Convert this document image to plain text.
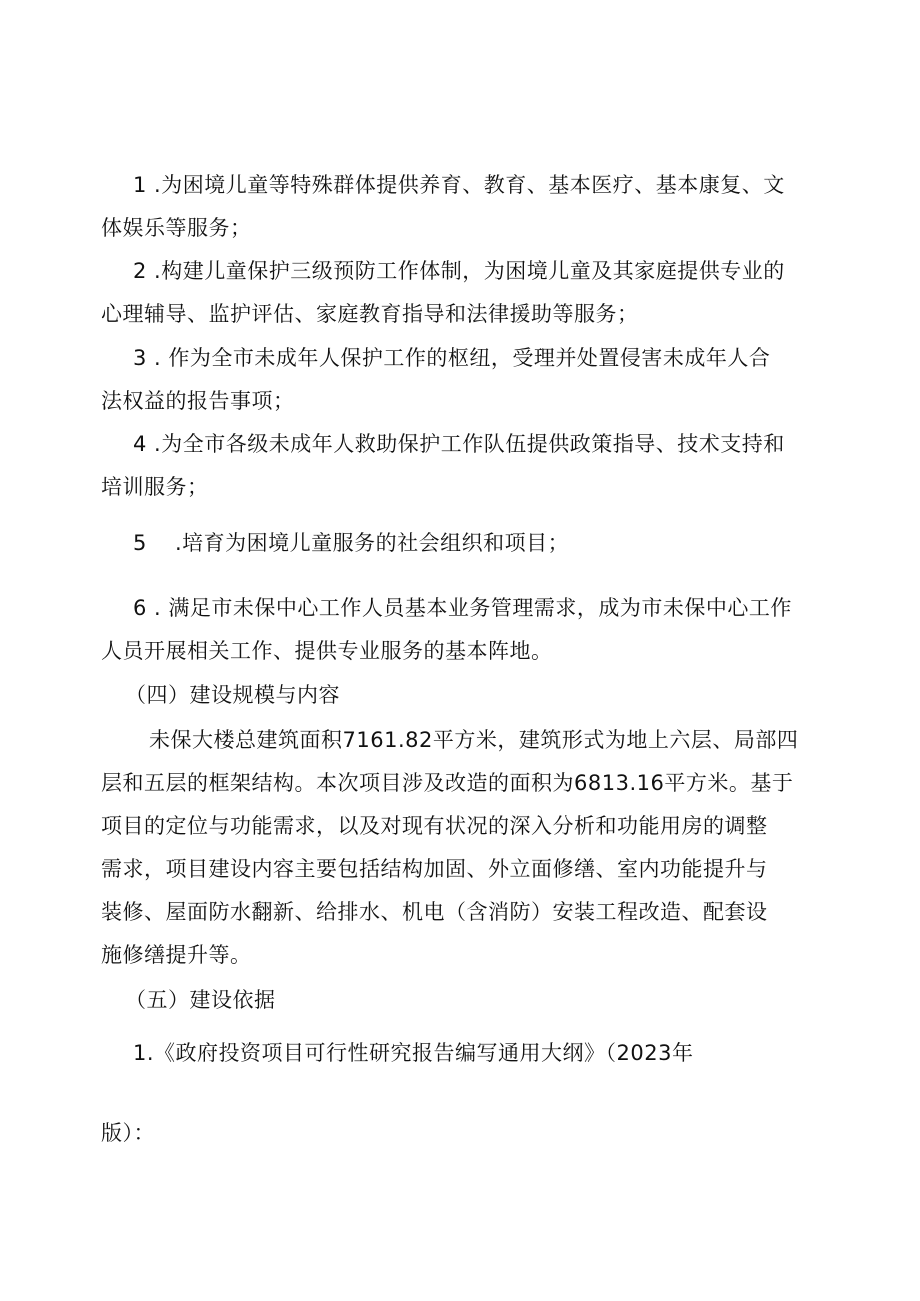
1 .为困境儿童等特殊群体提供养育、教育、基本医疗、基本康复、文

体娱乐等服务；

2 .构建儿童保护三级预防工作体制，为困境儿童及其家庭提供专业的

心理辅导、监护评估、家庭教育指导和法律援助等服务；

3 . 作为全市未成年人保护工作的枢纽，受理并处置侵害未成年人合

法权益的报告事项；

4 .为全市各级未成年人救助保护工作队伍提供政策指导、技术支持和

培训服务；

5 .培育为困境儿童服务的社会组织和项目；

6 . 满足市未保中心工作人员基本业务管理需求，成为市未保中心工作

人员开展相关工作、提供专业服务的基本阵地。

（四）建设规模与内容

未保大楼总建筑面积7161.82平方米，建筑形式为地上六层、局部四

层和五层的框架结构。本次项目涉及改造的面积为6813.16平方米。基于

项目的定位与功能需求，以及对现有状况的深入分析和功能用房的调整

需求，项目建设内容主要包括结构加固、外立面修缮、室内功能提升与

装修、屋面防水翻新、给排水、机电（含消防）安装工程改造、配套设

施修缮提升等。

（五）建设依据

1.《政府投资项目可行性研究报告编写通用大纲》（2023年

版）：
